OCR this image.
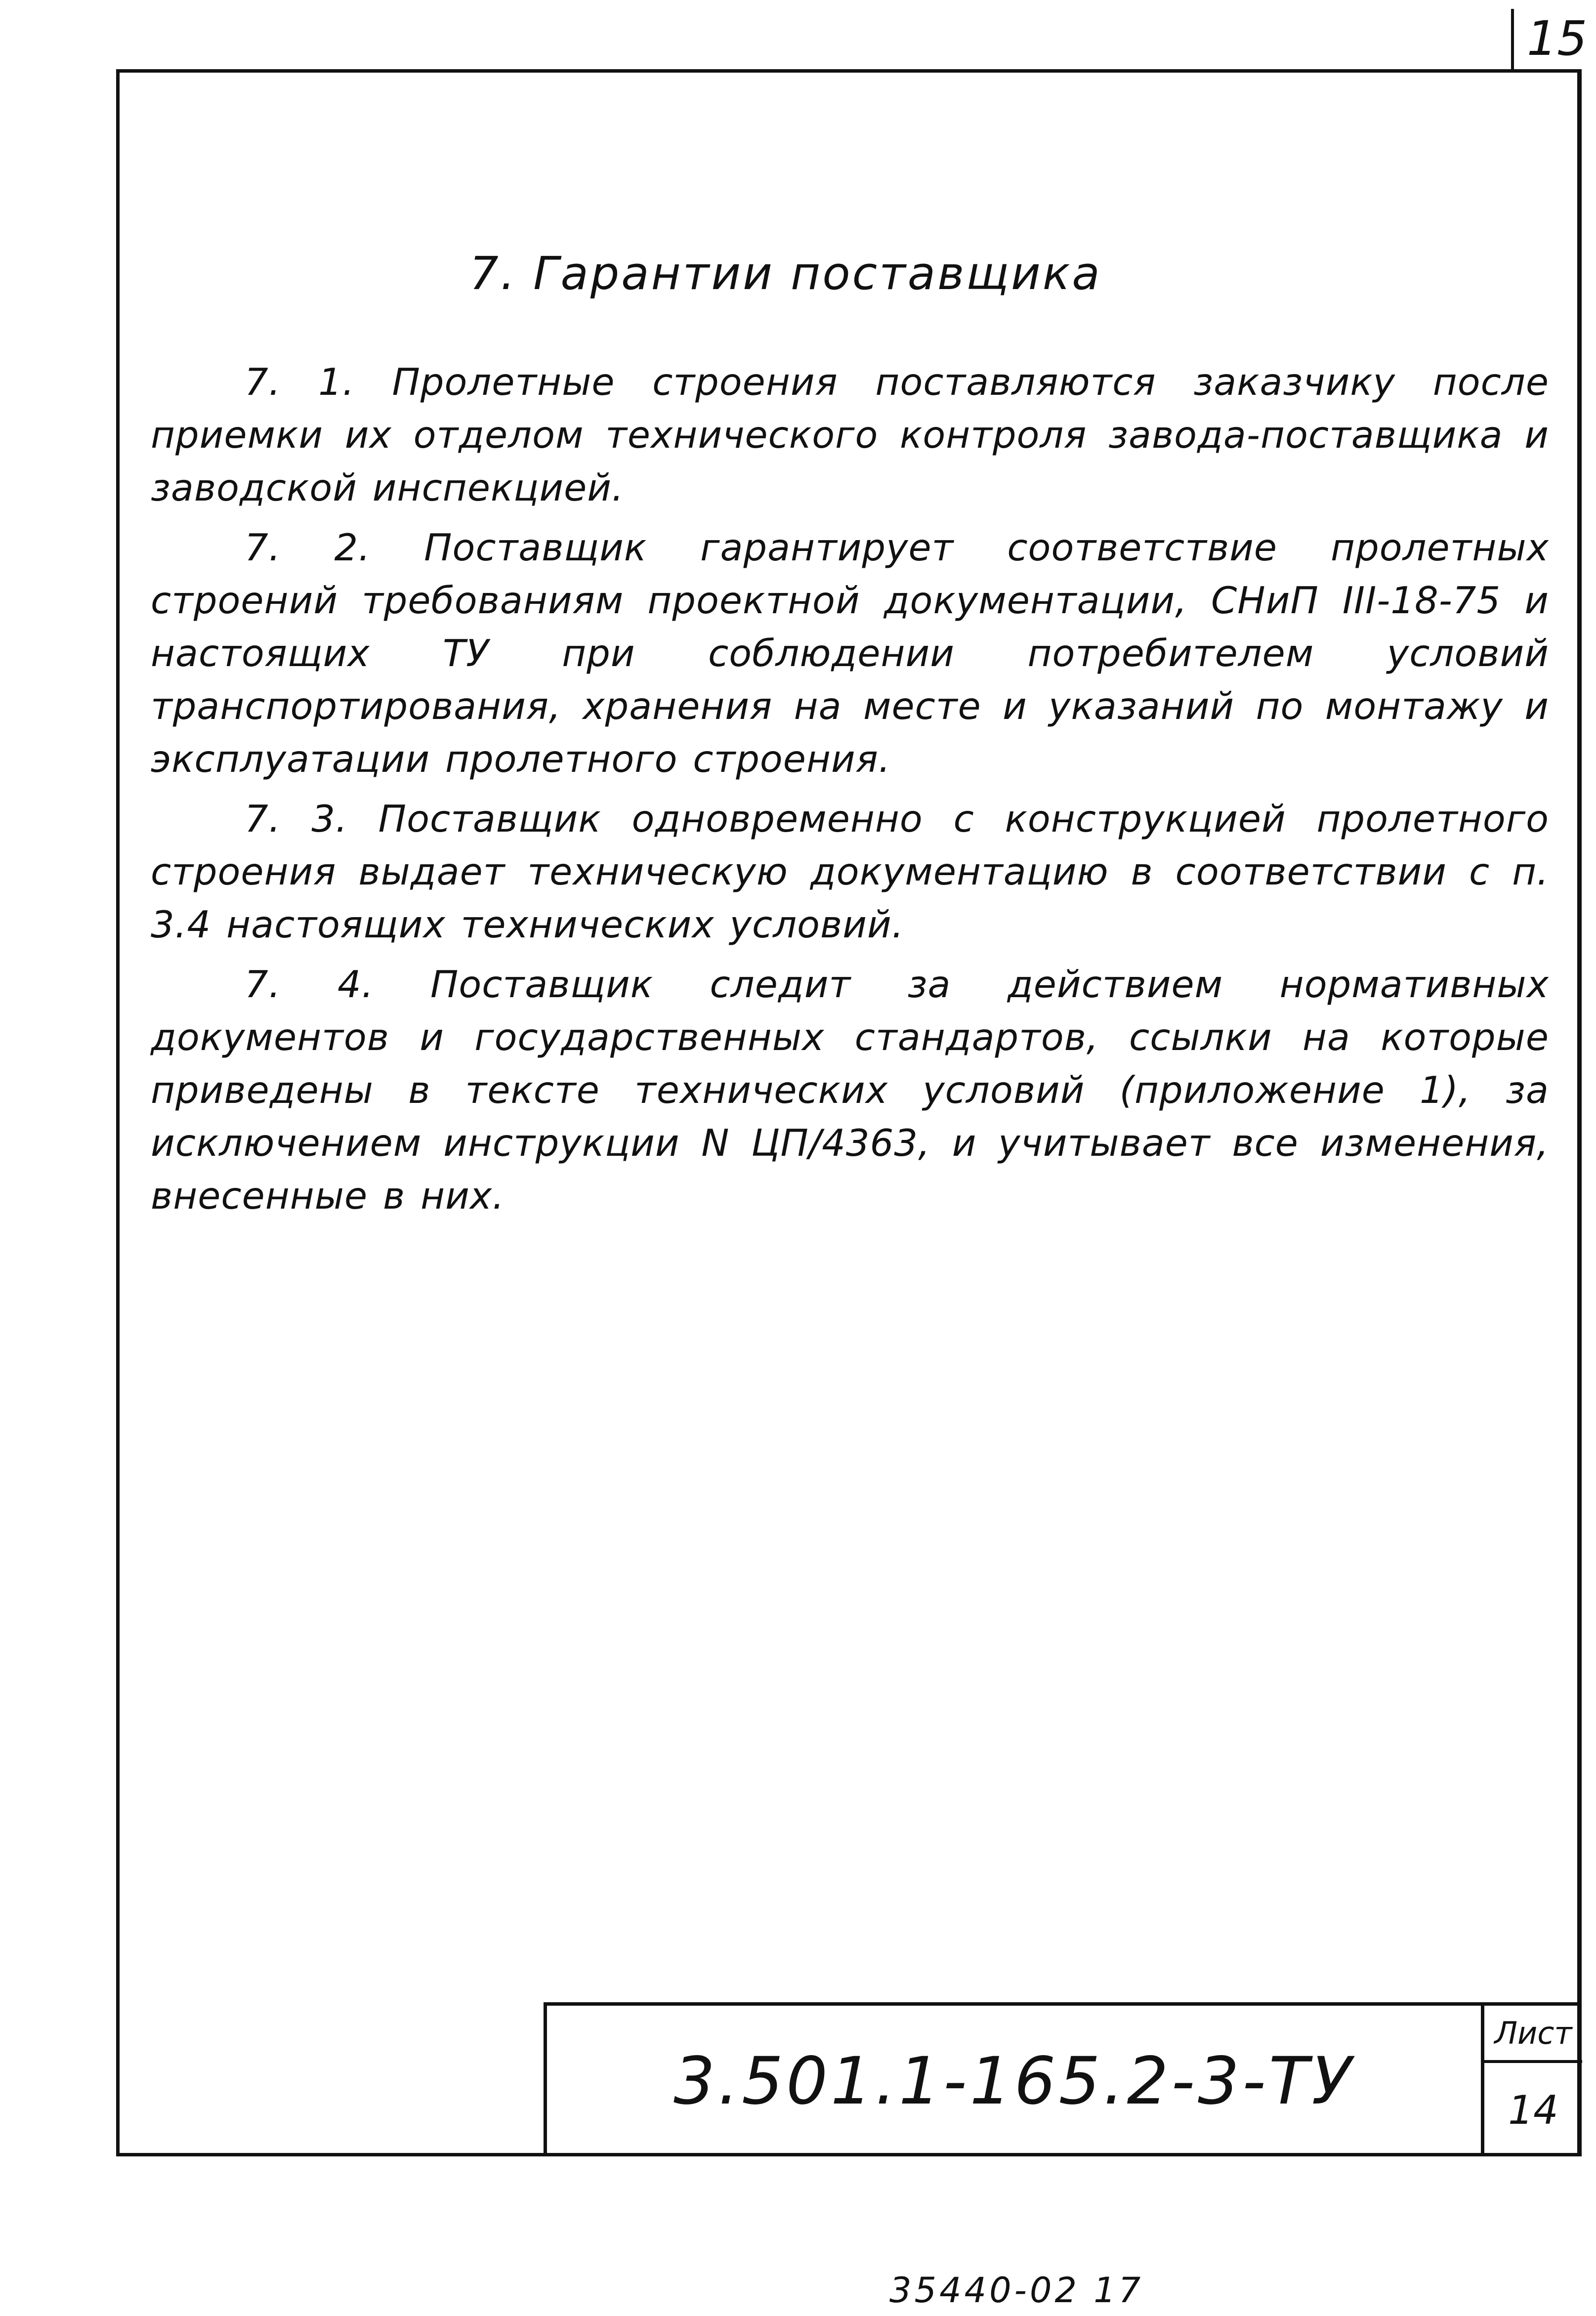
15
7. Гарантии поставщика

7. 1. Пролетные строения поставляются заказчику после приемки их отделом технического контроля завода-поставщика и заводской инспекцией.

7. 2. Поставщик гарантирует соответствие пролетных строений требованиям проектной документации, СНиП III-18-75 и настоящих ТУ при соблюдении потребителем условий транспортирования, хранения на месте и указаний по монтажу и эксплуатации пролетного строения.

7. 3. Поставщик одновременно с конструкцией пролетного строения выдает техническую документацию в соответствии с п. 3.4 настоящих технических условий.

7. 4. Поставщик следит за действием нормативных документов и государственных стандартов, ссылки на которые приведены в тексте технических условий (приложение 1), за исключением инструкции N ЦП/4363, и учитывает все изменения, внесенные в них.

3.501.1-165.2-3-ТУ
Лист
14
35440-02 17
